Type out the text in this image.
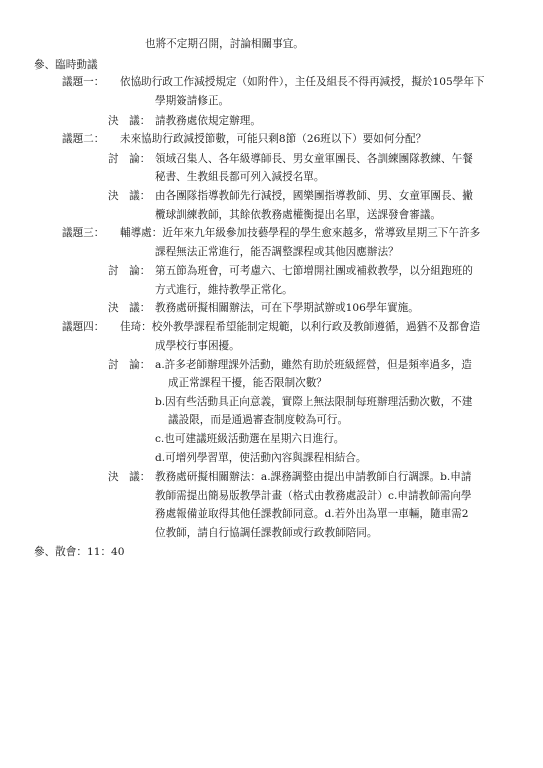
也將不定期召開，討論相關事宜。
參、臨時動議
議題一： 依協助行政工作減授規定（如附件），主任及組長不得再減授，擬於105學年下
學期簽請修正。
決　議： 請教務處依規定辦理。
議題二： 未來協助行政減授節數，可能只剩8節（26班以下）要如何分配？
討　論： 領域召集人、各年級導師長、男女童軍團長、各訓練團隊教練、午餐
秘書、生教組長都可列入減授名單。
決　議： 由各團隊指導教師先行減授，國樂團指導教師、男、女童軍團長、撇
欖球訓練教師，其餘依教務處權衡提出名單，送課發會審議。
議題三： 輔導處：近年來九年級參加技藝學程的學生愈來越多，常導致星期三下午許多
課程無法正常進行，能否調整課程或其他因應辦法？
討　論： 第五節為班會，可考慮六、七節增開社團或補救教學，以分組跑班的
方式進行，維持教學正常化。
決　議： 教務處研擬相關辦法，可在下學期試辦或106學年實施。
議題四： 佳琦：校外教學課程希望能制定規範，以利行政及教師遵循，過猶不及都會造
成學校行事困擾。
討　論： a.許多老師辦理課外活動，雖然有助於班級經營，但是頻率過多，造
成正常課程干擾，能否限制次數？
b.因有些活動具正向意義，實際上無法限制每班辦理活動次數，不建
議設限，而是通過審查制度較為可行。
c.也可建議班級活動選在星期六日進行。
d.可增列學習單，使活動內容與課程相結合。
決　議： 教務處研擬相關辦法：a.課務調整由提出申請教師自行調課。b.申請
教師需提出簡易版教學計畫（格式由教務處設計）c.申請教師需向學
務處報備並取得其他任課教師同意。d.若外出為單一車輛，隨車需2
位教師，請自行協調任課教師或行政教師陪同。
參、散會：11：40
